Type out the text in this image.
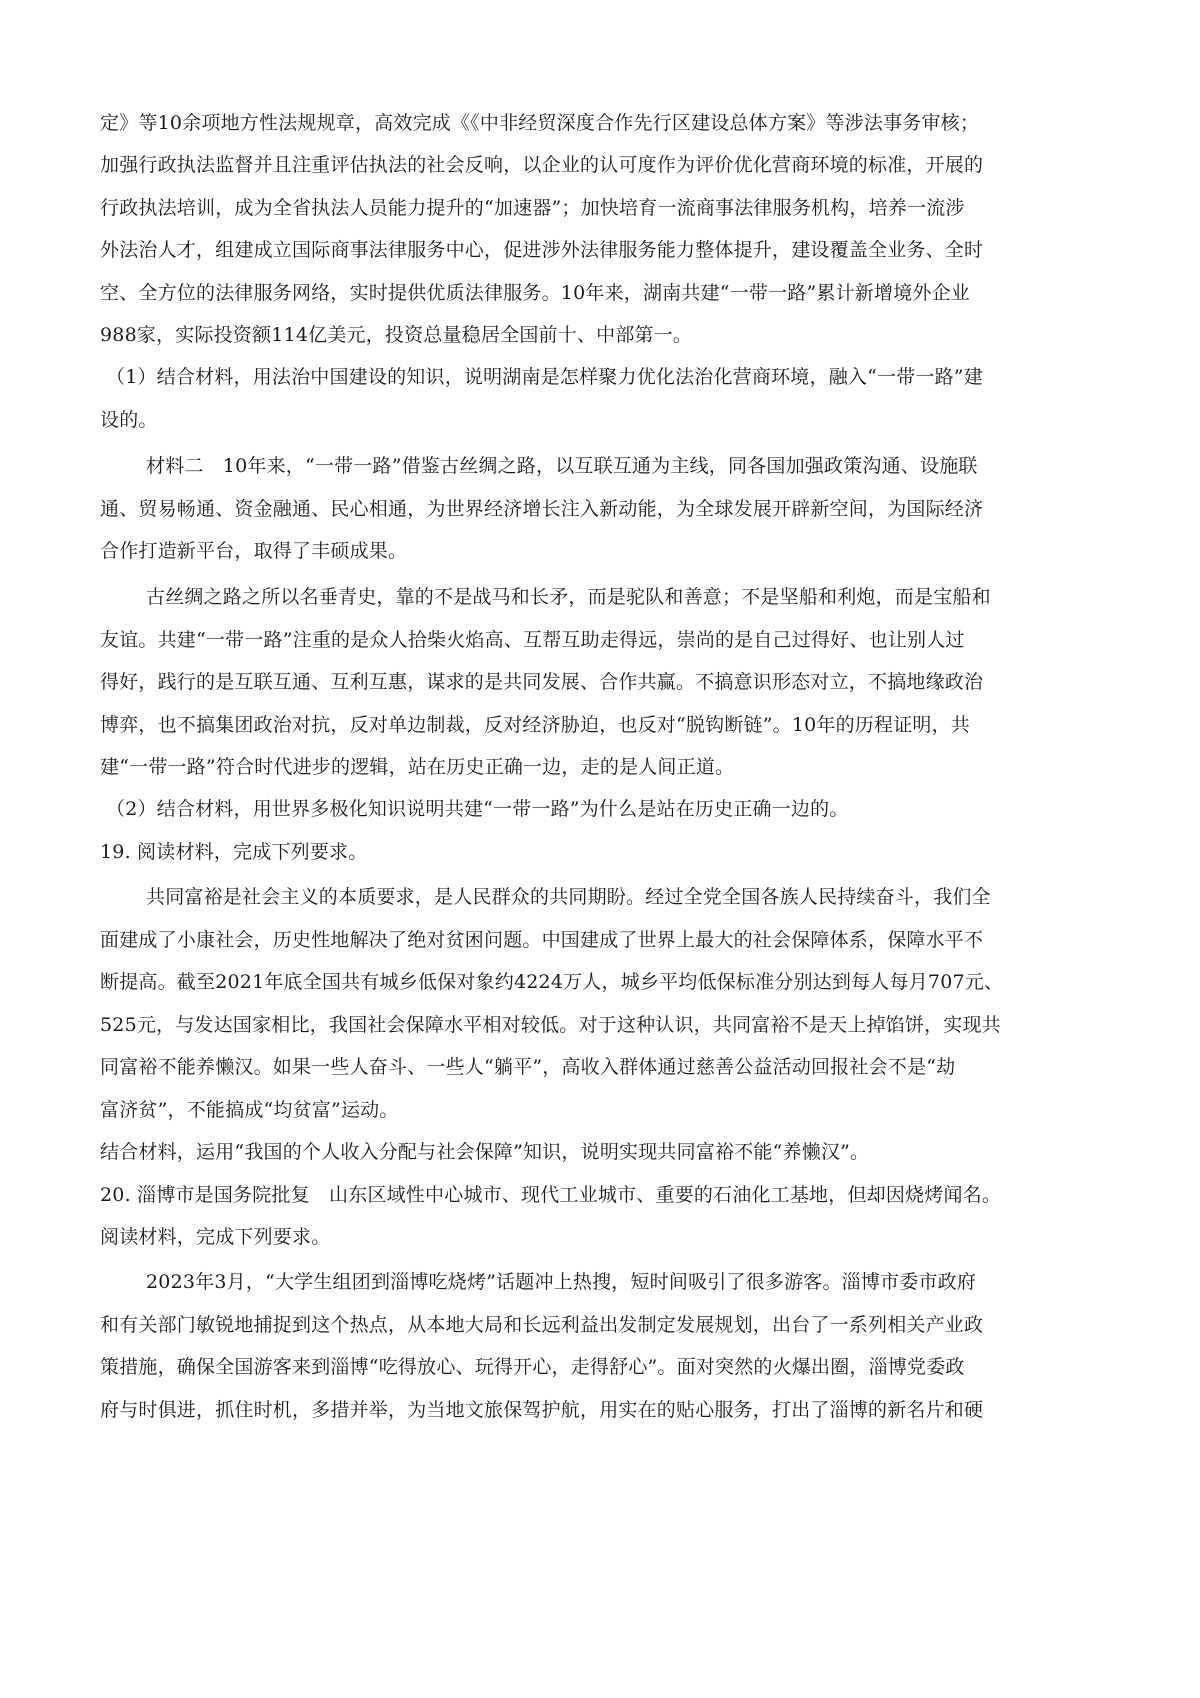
定》等10余项地方性法规规章，高效完成《《中非经贸深度合作先行区建设总体方案》等涉法事务审核；
加强行政执法监督并且注重评估执法的社会反响，以企业的认可度作为评价优化营商环境的标准，开展的
行政执法培训，成为全省执法人员能力提升的“加速器”；加快培育一流商事法律服务机构，培养一流涉
外法治人才，组建成立国际商事法律服务中心，促进涉外法律服务能力整体提升，建设覆盖全业务、全时
空、全方位的法律服务网络，实时提供优质法律服务。10年来，湖南共建“一带一路”累计新增境外企业
988家，实际投资额114亿美元，投资总量稳居全国前十、中部第一。
（1）结合材料，用法治中国建设的知识，说明湖南是怎样聚力优化法治化营商环境，融入“一带一路”建
设的。
材料二　10年来，“一带一路”借鉴古丝绸之路，以互联互通为主线，同各国加强政策沟通、设施联
通、贸易畅通、资金融通、民心相通，为世界经济增长注入新动能，为全球发展开辟新空间，为国际经济
合作打造新平台，取得了丰硕成果。
古丝绸之路之所以名垂青史，靠的不是战马和长矛，而是驼队和善意；不是坚船和利炮，而是宝船和
友谊。共建“一带一路”注重的是众人拾柴火焰高、互帮互助走得远，崇尚的是自己过得好、也让别人过
得好，践行的是互联互通、互利互惠，谋求的是共同发展、合作共赢。不搞意识形态对立，不搞地缘政治
博弈，也不搞集团政治对抗，反对单边制裁，反对经济胁迫，也反对“脱钩断链”。10年的历程证明，共
建“一带一路”符合时代进步的逻辑，站在历史正确一边，走的是人间正道。
（2）结合材料，用世界多极化知识说明共建“一带一路”为什么是站在历史正确一边的。
19. 阅读材料，完成下列要求。
共同富裕是社会主义的本质要求，是人民群众的共同期盼。经过全党全国各族人民持续奋斗，我们全
面建成了小康社会，历史性地解决了绝对贫困问题。中国建成了世界上最大的社会保障体系，保障水平不
断提高。截至2021年底全国共有城乡低保对象约4224万人，城乡平均低保标准分别达到每人每月707元、
525元，与发达国家相比，我国社会保障水平相对较低。对于这种认识，共同富裕不是天上掉馅饼，实现共
同富裕不能养懒汉。如果一些人奋斗、一些人“躺平”，高收入群体通过慈善公益活动回报社会不是“劫
富济贫”，不能搞成“均贫富”运动。
结合材料，运用“我国的个人收入分配与社会保障”知识，说明实现共同富裕不能“养懒汉”。
20. 淄博市是国务院批复　山东区域性中心城市、现代工业城市、重要的石油化工基地，但却因烧烤闻名。
阅读材料，完成下列要求。
2023年3月，“大学生组团到淄博吃烧烤”话题冲上热搜，短时间吸引了很多游客。淄博市委市政府
和有关部门敏锐地捕捉到这个热点，从本地大局和长远利益出发制定发展规划，出台了一系列相关产业政
策措施，确保全国游客来到淄博“吃得放心、玩得开心，走得舒心”。面对突然的火爆出圈，淄博党委政
府与时俱进，抓住时机，多措并举，为当地文旅保驾护航，用实在的贴心服务，打出了淄博的新名片和硬
